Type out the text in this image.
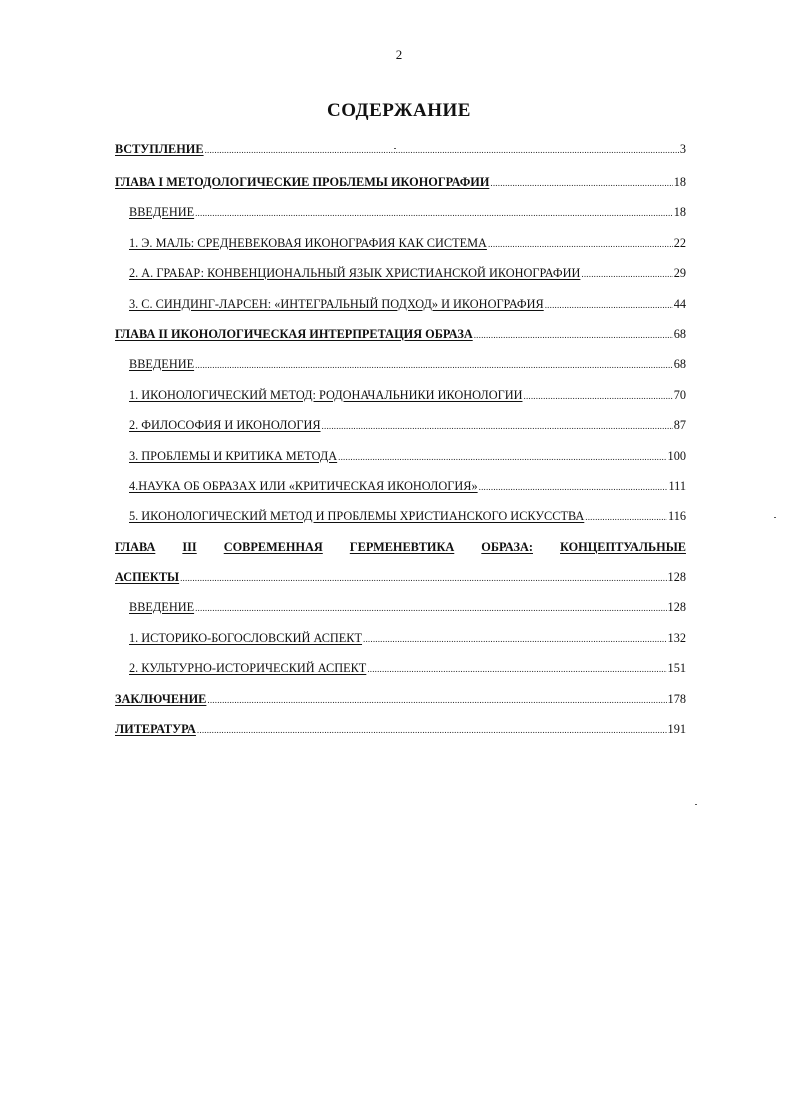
2
СОДЕРЖАНИЕ
ВСТУПЛЕНИЕ .....	3
ГЛАВА I МЕТОДОЛОГИЧЕСКИЕ ПРОБЛЕМЫ ИКОНОГРАФИИ .....	18
ВВЕДЕНИЕ .....	18
1. Э. МАЛЬ: СРЕДНЕВЕКОВАЯ ИКОНОГРАФИЯ КАК СИСТЕМА .....	22
2. А. ГРАБАР: КОНВЕНЦИОНАЛЬНЫЙ ЯЗЫК ХРИСТИАНСКОЙ ИКОНОГРАФИИ .....	29
3. С. СИНДИНГ-ЛАРСЕН: «ИНТЕГРАЛЬНЫЙ ПОДХОД» И ИКОНОГРАФИЯ .....	44
ГЛАВА II ИКОНОЛОГИЧЕСКАЯ ИНТЕРПРЕТАЦИЯ ОБРАЗА .....	68
ВВЕДЕНИЕ .....	68
1. ИКОНОЛОГИЧЕСКИЙ МЕТОД: РОДОНАЧАЛЬНИКИ ИКОНОЛОГИИ .....	70
2. ФИЛОСОФИЯ И ИКОНОЛОГИЯ .....	87
3. ПРОБЛЕМЫ И КРИТИКА МЕТОДА .....	100
4.НАУКА ОБ ОБРАЗАХ ИЛИ «КРИТИЧЕСКАЯ ИКОНОЛОГИЯ» .....	111
5. ИКОНОЛОГИЧЕСКИЙ МЕТОД И ПРОБЛЕМЫ ХРИСТИАНСКОГО ИСКУССТВА .....	116
ГЛАВА III СОВРЕМЕННАЯ ГЕРМЕНЕВТИКА ОБРАЗА: КОНЦЕПТУАЛЬНЫЕ
АСПЕКТЫ .....	128
ВВЕДЕНИЕ .....	128
1. ИСТОРИКО-БОГОСЛОВСКИЙ АСПЕКТ .....	132
2. КУЛЬТУРНО-ИСТОРИЧЕСКИЙ АСПЕКТ .....	151
ЗАКЛЮЧЕНИЕ .....	178
ЛИТЕРАТУРА .....	191
